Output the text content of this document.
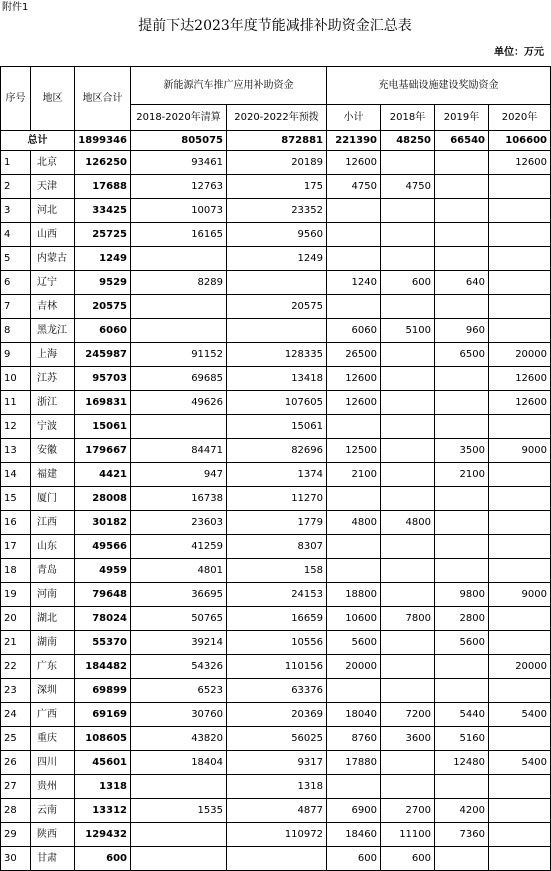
附件1
提前下达2023年度节能减排补助资金汇总表
单位：万元
序号	地区	地区合计	新能源汽车推广应用补助资金		充电基础设施建设奖励资金			
			2018-2020年清算	2020-2022年预拨	小计	2018年	2019年	2020年
总计		1899346	805075	872881	221390	48250	66540	106600
1	北京	126250	93461	20189	12600			12600
2	天津	17688	12763	175	4750	4750		
3	河北	33425	10073	23352				
4	山西	25725	16165	9560				
5	内蒙古	1249		1249				
6	辽宁	9529	8289		1240	600	640	
7	吉林	20575		20575				
8	黑龙江	6060			6060	5100	960	
9	上海	245987	91152	128335	26500		6500	20000
10	江苏	95703	69685	13418	12600			12600
11	浙江	169831	49626	107605	12600			12600
12	宁波	15061		15061				
13	安徽	179667	84471	82696	12500		3500	9000
14	福建	4421	947	1374	2100		2100	
15	厦门	28008	16738	11270				
16	江西	30182	23603	1779	4800	4800		
17	山东	49566	41259	8307				
18	青岛	4959	4801	158				
19	河南	79648	36695	24153	18800		9800	9000
20	湖北	78024	50765	16659	10600	7800	2800	
21	湖南	55370	39214	10556	5600		5600	
22	广东	184482	54326	110156	20000			20000
23	深圳	69899	6523	63376				
24	广西	69169	30760	20369	18040	7200	5440	5400
25	重庆	108605	43820	56025	8760	3600	5160	
26	四川	45601	18404	9317	17880		12480	5400
27	贵州	1318		1318				
28	云南	13312	1535	4877	6900	2700	4200	
29	陕西	129432		110972	18460	11100	7360	
30	甘肃	600			600	600		
